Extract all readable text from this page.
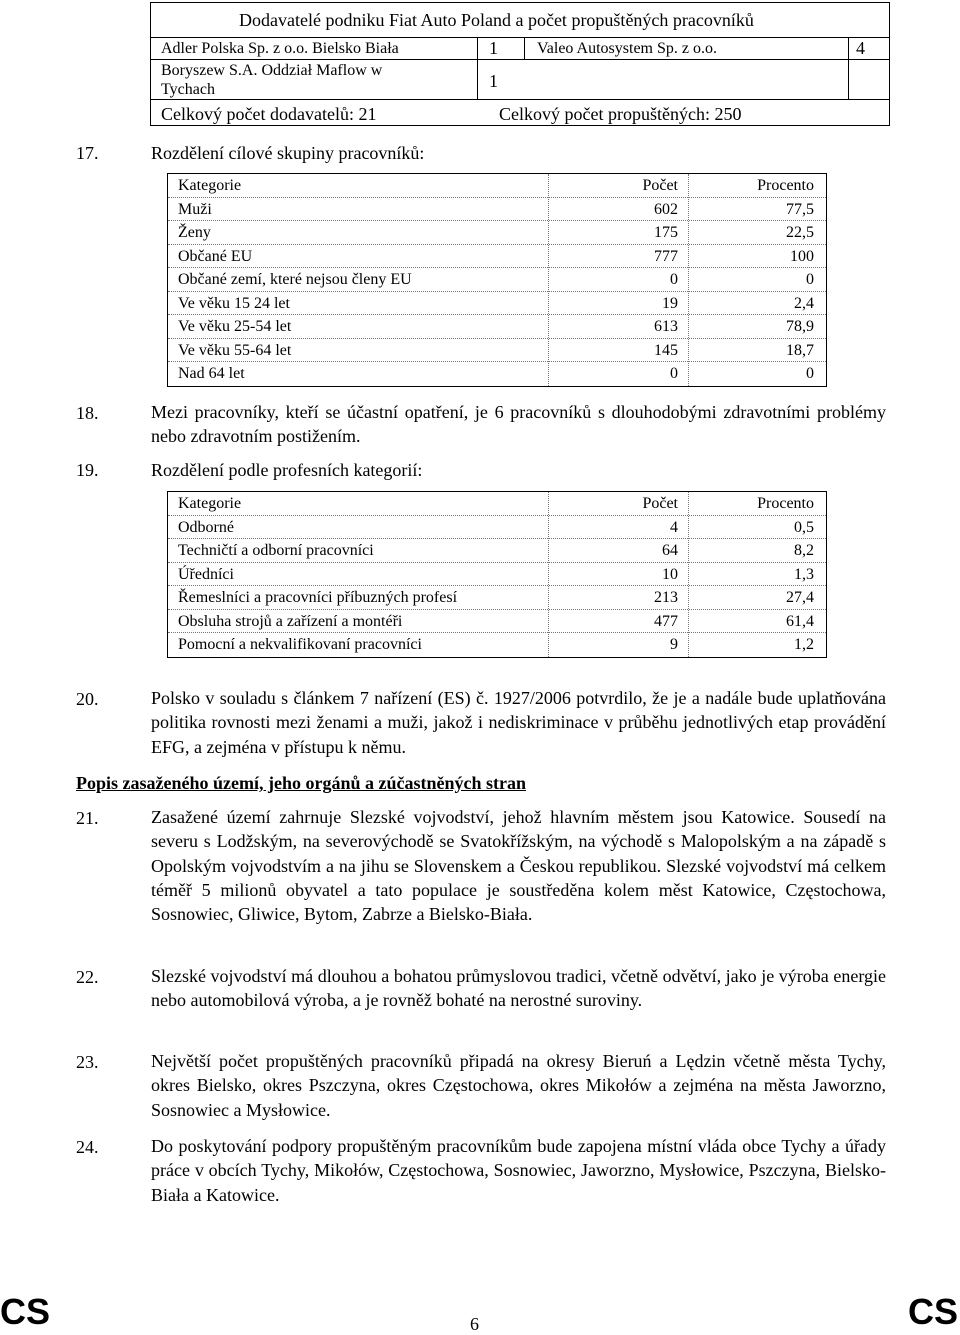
Dodavatelé podniku Fiat Auto Poland a počet propuštěných pracovníků
Adler Polska Sp. z o.o. Bielsko Biała	1 Valeo Autosystem Sp. z o.o.	4
Boryszew S.A. Oddział Maflow w
Tychach	1
Celkový počet dodavatelů: 21	Celkový počet propuštěných: 250
17.	Rozdělení cílové skupiny pracovníků:
Kategorie	Počet	Procento
Muži	602	77,5
Ženy	175	22,5
Občané EU	777	100
Občané zemí, které nejsou členy EU	0	0
Ve věku 15 24 let	19	2,4
Ve věku 25-54 let	613	78,9
Ve věku 55-64 let	145	18,7
Nad 64 let	0	0
18.	Mezi pracovníky, kteří se účastní opatření, je 6 pracovníků s dlouhodobými zdravotními problémy nebo zdravotním postižením.
19.	Rozdělení podle profesních kategorií:
Kategorie	Počet	Procento
Odborné	4	0,5
Techničtí a odborní pracovníci	64	8,2
Úředníci	10	1,3
Řemeslníci a pracovníci příbuzných profesí	213	27,4
Obsluha strojů a zařízení a montéři	477	61,4
Pomocní a nekvalifikovaní pracovníci	9	1,2
20.	Polsko v souladu s článkem 7 nařízení (ES) č. 1927/2006 potvrdilo, že je a nadále bude uplatňována politika rovnosti mezi ženami a muži, jakož i nediskriminace v průběhu jednotlivých etap provádění EFG, a zejména v přístupu k němu.
Popis zasaženého území, jeho orgánů a zúčastněných stran
21.	Zasažené území zahrnuje Slezské vojvodství, jehož hlavním městem jsou Katowice. Sousedí na severu s Lodžským, na severovýchodě se Svatokřížským, na východě s Malopolským a na západě s Opolským vojvodstvím a na jihu se Slovenskem a Českou republikou. Slezské vojvodství má celkem téměř 5 milionů obyvatel a tato populace je soustředěna kolem měst Katowice, Częstochowa, Sosnowiec, Gliwice, Bytom, Zabrze a Bielsko-Biała.
22.	Slezské vojvodství má dlouhou a bohatou průmyslovou tradici, včetně odvětví, jako je výroba energie nebo automobilová výroba, a je rovněž bohaté na nerostné suroviny.
23.	Největší počet propuštěných pracovníků připadá na okresy Bieruń a Lędzin včetně města Tychy, okres Bielsko, okres Pszczyna, okres Częstochowa, okres Mikołów a zejména na města Jaworzno, Sosnowiec a Mysłowice.
24.	Do poskytování podpory propuštěným pracovníkům bude zapojena místní vláda obce Tychy a úřady práce v obcích Tychy, Mikołów, Częstochowa, Sosnowiec, Jaworzno, Mysłowice, Pszczyna, Bielsko-Biała a Katowice.
CS	6	CS
